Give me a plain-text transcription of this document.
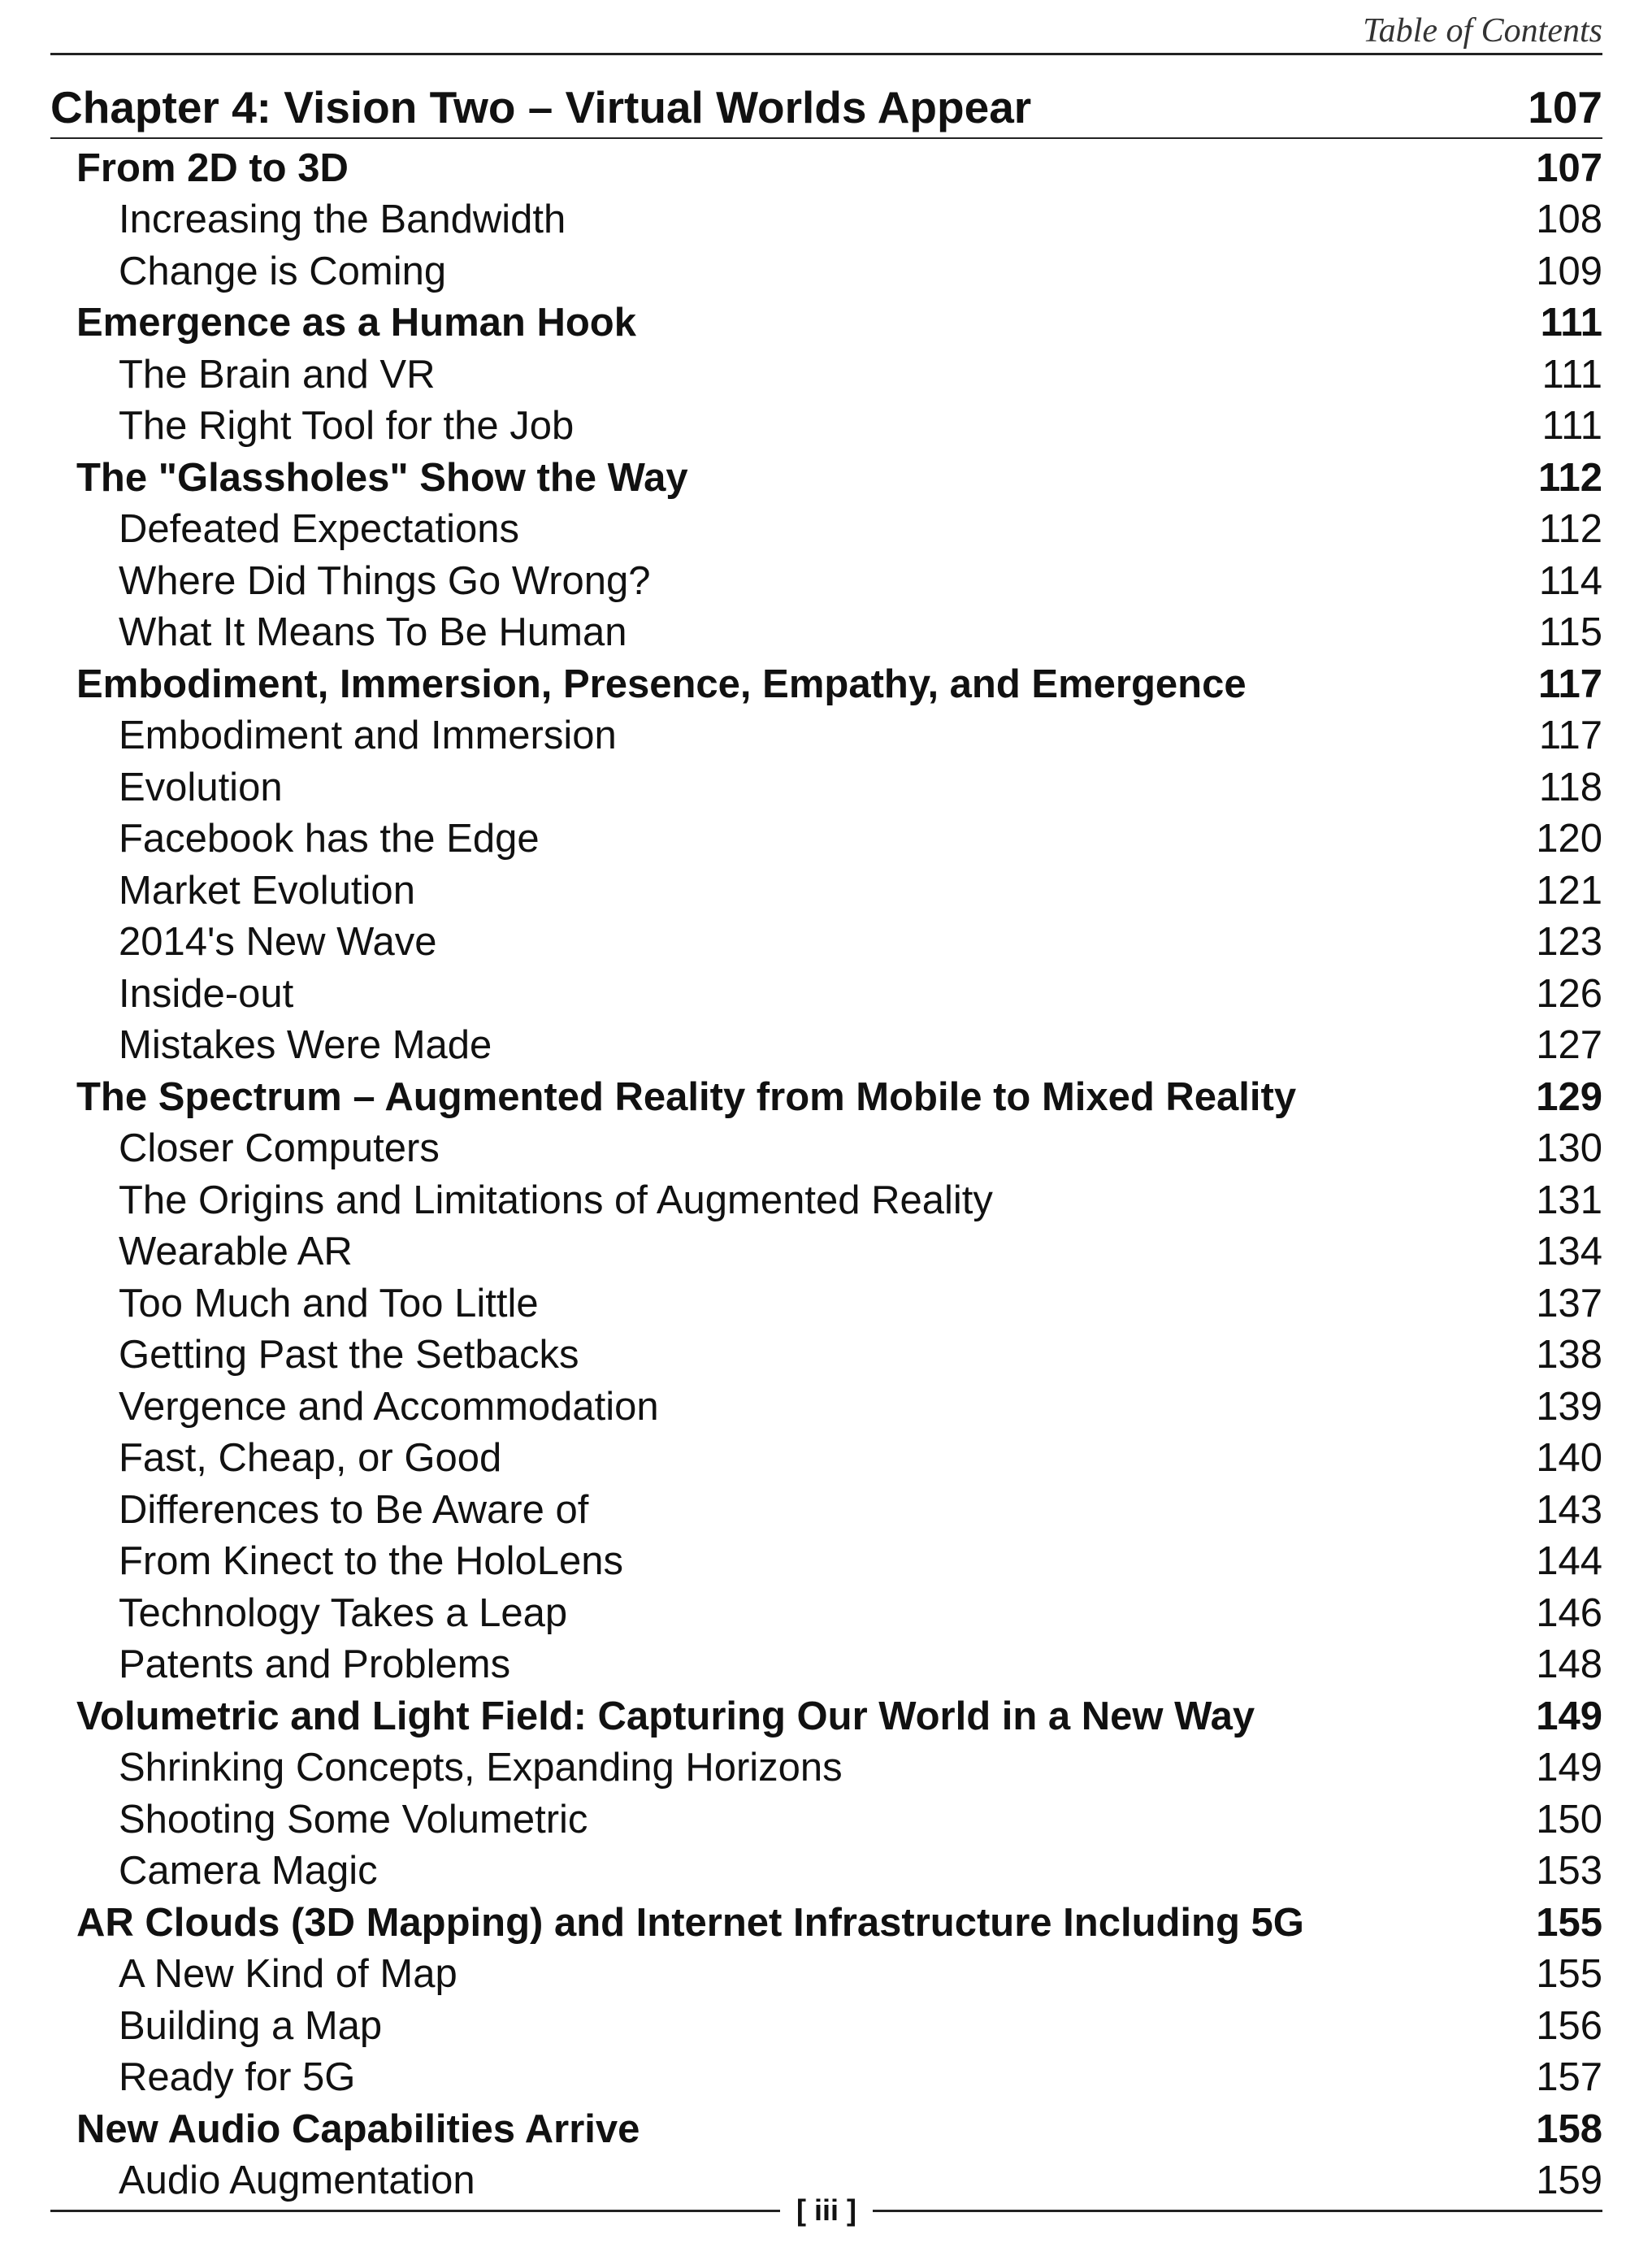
Table of Contents
Chapter 4: Vision Two – Virtual Worlds Appear	107
From 2D to 3D	107
Increasing the Bandwidth	108
Change is Coming	109
Emergence as a Human Hook	111
The Brain and VR	111
The Right Tool for the Job	111
The "Glassholes" Show the Way	112
Defeated Expectations	112
Where Did Things Go Wrong?	114
What It Means To Be Human	115
Embodiment, Immersion, Presence, Empathy, and Emergence	117
Embodiment and Immersion	117
Evolution	118
Facebook has the Edge	120
Market Evolution	121
2014's New Wave	123
Inside-out	126
Mistakes Were Made	127
The Spectrum – Augmented Reality from Mobile to Mixed Reality	129
Closer Computers	130
The Origins and Limitations of Augmented Reality	131
Wearable AR	134
Too Much and Too Little	137
Getting Past the Setbacks	138
Vergence and Accommodation	139
Fast, Cheap, or Good	140
Differences to Be Aware of	143
From Kinect to the HoloLens	144
Technology Takes a Leap	146
Patents and Problems	148
Volumetric and Light Field: Capturing Our World in a New Way	149
Shrinking Concepts, Expanding Horizons	149
Shooting Some Volumetric	150
Camera Magic	153
AR Clouds (3D Mapping) and Internet Infrastructure Including 5G	155
A New Kind of Map	155
Building a Map	156
Ready for 5G	157
New Audio Capabilities Arrive	158
Audio Augmentation	159
[ iii ]
